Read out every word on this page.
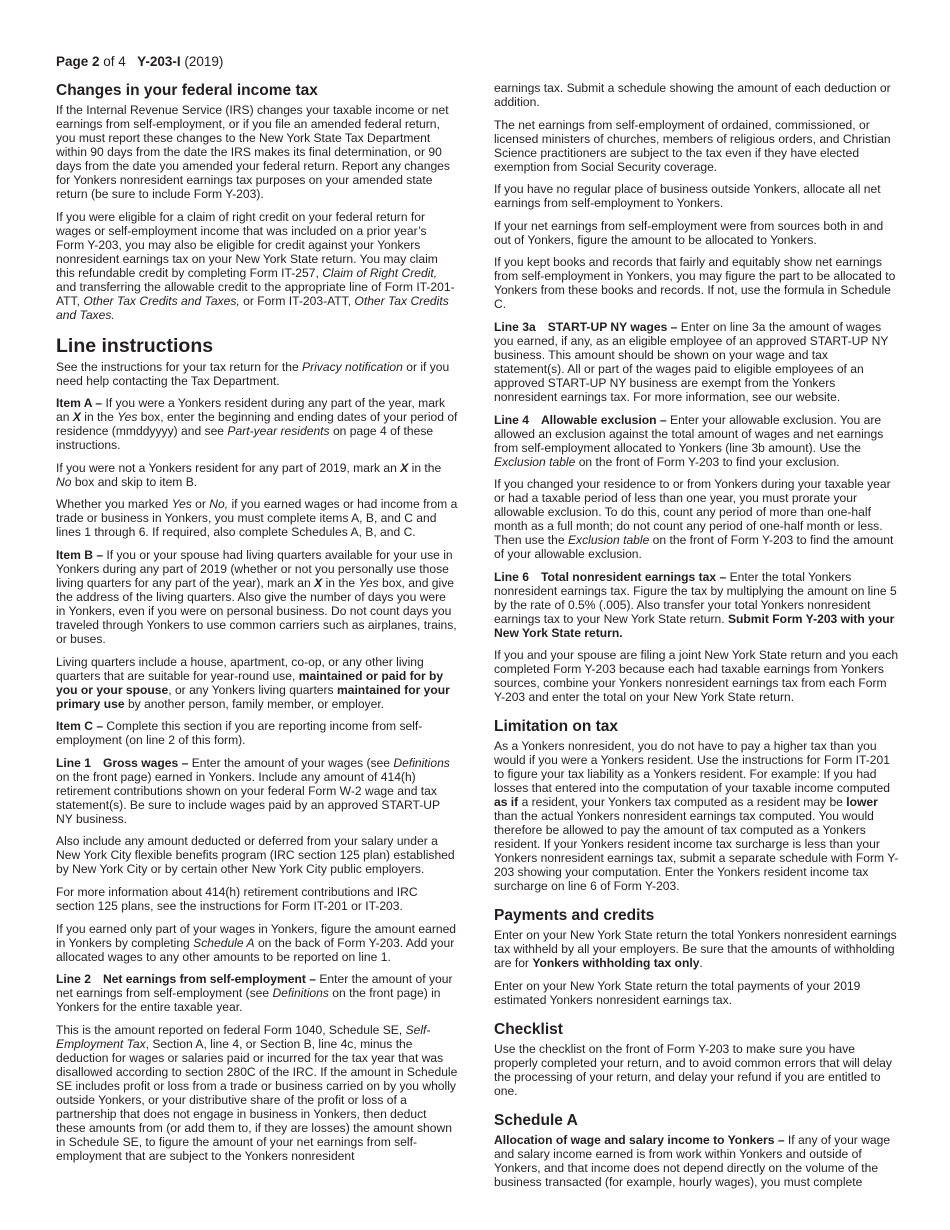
Page 2 of 4 Y-203-I (2019)
Changes in your federal income tax

If the Internal Revenue Service (IRS) changes your taxable income or net earnings from self-employment, or if you file an amended federal return, you must report these changes to the New York State Tax Department within 90 days from the date the IRS makes its final determination, or 90 days from the date you amended your federal return. Report any changes for Yonkers nonresident earnings tax purposes on your amended state return (be sure to include Form Y-203).

If you were eligible for a claim of right credit on your federal return for wages or self-employment income that was included on a prior year’s Form Y-203, you may also be eligible for credit against your Yonkers nonresident earnings tax on your New York State return. You may claim this refundable credit by completing Form IT-257, Claim of Right Credit, and transferring the allowable credit to the appropriate line of Form IT-201-ATT, Other Tax Credits and Taxes, or Form IT-203-ATT, Other Tax Credits and Taxes.

Line instructions

See the instructions for your tax return for the Privacy notification or if you need help contacting the Tax Department.

Item A – If you were a Yonkers resident during any part of the year, mark an X in the Yes box, enter the beginning and ending dates of your period of residence (mmddyyyy) and see Part-year residents on page 4 of these instructions.

If you were not a Yonkers resident for any part of 2019, mark an X in the No box and skip to item B.

Whether you marked Yes or No, if you earned wages or had income from a trade or business in Yonkers, you must complete items A, B, and C and lines 1 through 6. If required, also complete Schedules A, B, and C.

Item B – If you or your spouse had living quarters available for your use in Yonkers during any part of 2019 (whether or not you personally use those living quarters for any part of the year), mark an X in the Yes box, and give the address of the living quarters. Also give the number of days you were in Yonkers, even if you were on personal business. Do not count days you traveled through Yonkers to use common carriers such as airplanes, trains, or buses.

Living quarters include a house, apartment, co-op, or any other living quarters that are suitable for year-round use, maintained or paid for by you or your spouse, or any Yonkers living quarters maintained for your primary use by another person, family member, or employer.

Item C – Complete this section if you are reporting income from self-employment (on line 2 of this form).

Line 1 Gross wages – Enter the amount of your wages (see Definitions on the front page) earned in Yonkers. Include any amount of 414(h) retirement contributions shown on your federal Form W-2 wage and tax statement(s). Be sure to include wages paid by an approved START-UP NY business.

Also include any amount deducted or deferred from your salary under a New York City flexible benefits program (IRC section 125 plan) established by New York City or by certain other New York City public employers.

For more information about 414(h) retirement contributions and IRC section 125 plans, see the instructions for Form IT-201 or IT-203.

If you earned only part of your wages in Yonkers, figure the amount earned in Yonkers by completing Schedule A on the back of Form Y-203. Add your allocated wages to any other amounts to be reported on line 1.

Line 2 Net earnings from self-employment – Enter the amount of your net earnings from self-employment (see Definitions on the front page) in Yonkers for the entire taxable year.

This is the amount reported on federal Form 1040, Schedule SE, Self-Employment Tax, Section A, line 4, or Section B, line 4c, minus the deduction for wages or salaries paid or incurred for the tax year that was disallowed according to section 280C of the IRC. If the amount in Schedule SE includes profit or loss from a trade or business carried on by you wholly outside Yonkers, or your distributive share of the profit or loss of a partnership that does not engage in business in Yonkers, then deduct these amounts from (or add them to, if they are losses) the amount shown in Schedule SE, to figure the amount of your net earnings from self-employment that are subject to the Yonkers nonresident

earnings tax. Submit a schedule showing the amount of each deduction or addition.

The net earnings from self-employment of ordained, commissioned, or licensed ministers of churches, members of religious orders, and Christian Science practitioners are subject to the tax even if they have elected exemption from Social Security coverage.

If you have no regular place of business outside Yonkers, allocate all net earnings from self-employment to Yonkers.

If your net earnings from self-employment were from sources both in and out of Yonkers, figure the amount to be allocated to Yonkers.

If you kept books and records that fairly and equitably show net earnings from self-employment in Yonkers, you may figure the part to be allocated to Yonkers from these books and records. If not, use the formula in Schedule C.

Line 3a START-UP NY wages – Enter on line 3a the amount of wages you earned, if any, as an eligible employee of an approved START-UP NY business. This amount should be shown on your wage and tax statement(s). All or part of the wages paid to eligible employees of an approved START-UP NY business are exempt from the Yonkers nonresident earnings tax. For more information, see our website.

Line 4 Allowable exclusion – Enter your allowable exclusion. You are allowed an exclusion against the total amount of wages and net earnings from self-employment allocated to Yonkers (line 3b amount). Use the Exclusion table on the front of Form Y-203 to find your exclusion.

If you changed your residence to or from Yonkers during your taxable year or had a taxable period of less than one year, you must prorate your allowable exclusion. To do this, count any period of more than one-half month as a full month; do not count any period of one-half month or less. Then use the Exclusion table on the front of Form Y-203 to find the amount of your allowable exclusion.

Line 6 Total nonresident earnings tax – Enter the total Yonkers nonresident earnings tax. Figure the tax by multiplying the amount on line 5 by the rate of 0.5% (.005). Also transfer your total Yonkers nonresident earnings tax to your New York State return. Submit Form Y-203 with your New York State return.

If you and your spouse are filing a joint New York State return and you each completed Form Y-203 because each had taxable earnings from Yonkers sources, combine your Yonkers nonresident earnings tax from each Form Y-203 and enter the total on your New York State return.

Limitation on tax

As a Yonkers nonresident, you do not have to pay a higher tax than you would if you were a Yonkers resident. Use the instructions for Form IT-201 to figure your tax liability as a Yonkers resident. For example: If you had losses that entered into the computation of your taxable income computed as if a resident, your Yonkers tax computed as a resident may be lower than the actual Yonkers nonresident earnings tax computed. You would therefore be allowed to pay the amount of tax computed as a Yonkers resident. If your Yonkers resident income tax surcharge is less than your Yonkers nonresident earnings tax, submit a separate schedule with Form Y-203 showing your computation. Enter the Yonkers resident income tax surcharge on line 6 of Form Y-203.

Payments and credits

Enter on your New York State return the total Yonkers nonresident earnings tax withheld by all your employers. Be sure that the amounts of withholding are for Yonkers withholding tax only.

Enter on your New York State return the total payments of your 2019 estimated Yonkers nonresident earnings tax.

Checklist

Use the checklist on the front of Form Y-203 to make sure you have properly completed your return, and to avoid common errors that will delay the processing of your return, and delay your refund if you are entitled to one.

Schedule A

Allocation of wage and salary income to Yonkers – If any of your wage and salary income earned is from work within Yonkers and outside of Yonkers, and that income does not depend directly on the volume of the business transacted (for example, hourly wages), you must complete
